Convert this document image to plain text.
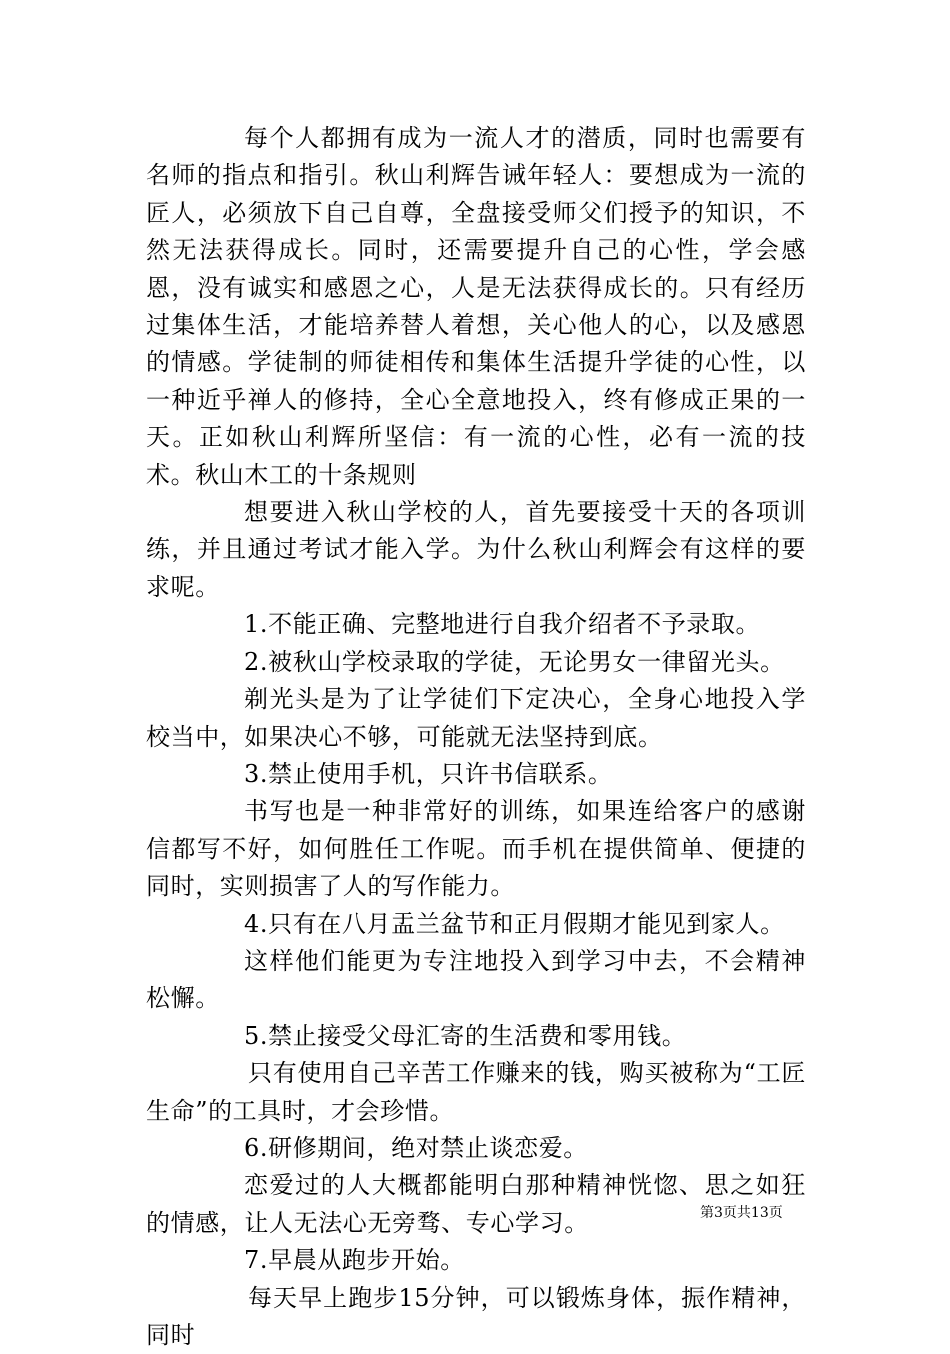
每个人都拥有成为一流人才的潜质，同时也需要有名师的指点和指引。秋山利辉告诫年轻人：要想成为一流的匠人，必须放下自己自尊，全盘接受师父们授予的知识，不然无法获得成长。同时，还需要提升自己的心性，学会感恩，没有诚实和感恩之心，人是无法获得成长的。只有经历过集体生活，才能培养替人着想，关心他人的心，以及感恩的情感。学徒制的师徒相传和集体生活提升学徒的心性，以一种近乎禅人的修持，全心全意地投入，终有修成正果的一天。正如秋山利辉所坚信：有一流的心性，必有一流的技术。秋山木工的十条规则

想要进入秋山学校的人，首先要接受十天的各项训练，并且通过考试才能入学。为什么秋山利辉会有这样的要求呢。

1.不能正确、完整地进行自我介绍者不予录取。

2.被秋山学校录取的学徒，无论男女一律留光头。

剃光头是为了让学徒们下定决心，全身心地投入学校当中，如果决心不够，可能就无法坚持到底。

3.禁止使用手机，只许书信联系。

书写也是一种非常好的训练，如果连给客户的感谢信都写不好，如何胜任工作呢。而手机在提供简单、便捷的同时，实则损害了人的写作能力。

4.只有在八月盂兰盆节和正月假期才能见到家人。

这样他们能更为专注地投入到学习中去，不会精神松懈。

5.禁止接受父母汇寄的生活费和零用钱。

只有使用自己辛苦工作赚来的钱，购买被称为“工匠生命”的工具时，才会珍惜。

6.研修期间，绝对禁止谈恋爱。

恋爱过的人大概都能明白那种精神恍惚、思之如狂的情感，让人无法心无旁骛、专心学习。

7.早晨从跑步开始。

每天早上跑步15分钟，可以锻炼身体，振作精神，同时

第3页共13页
